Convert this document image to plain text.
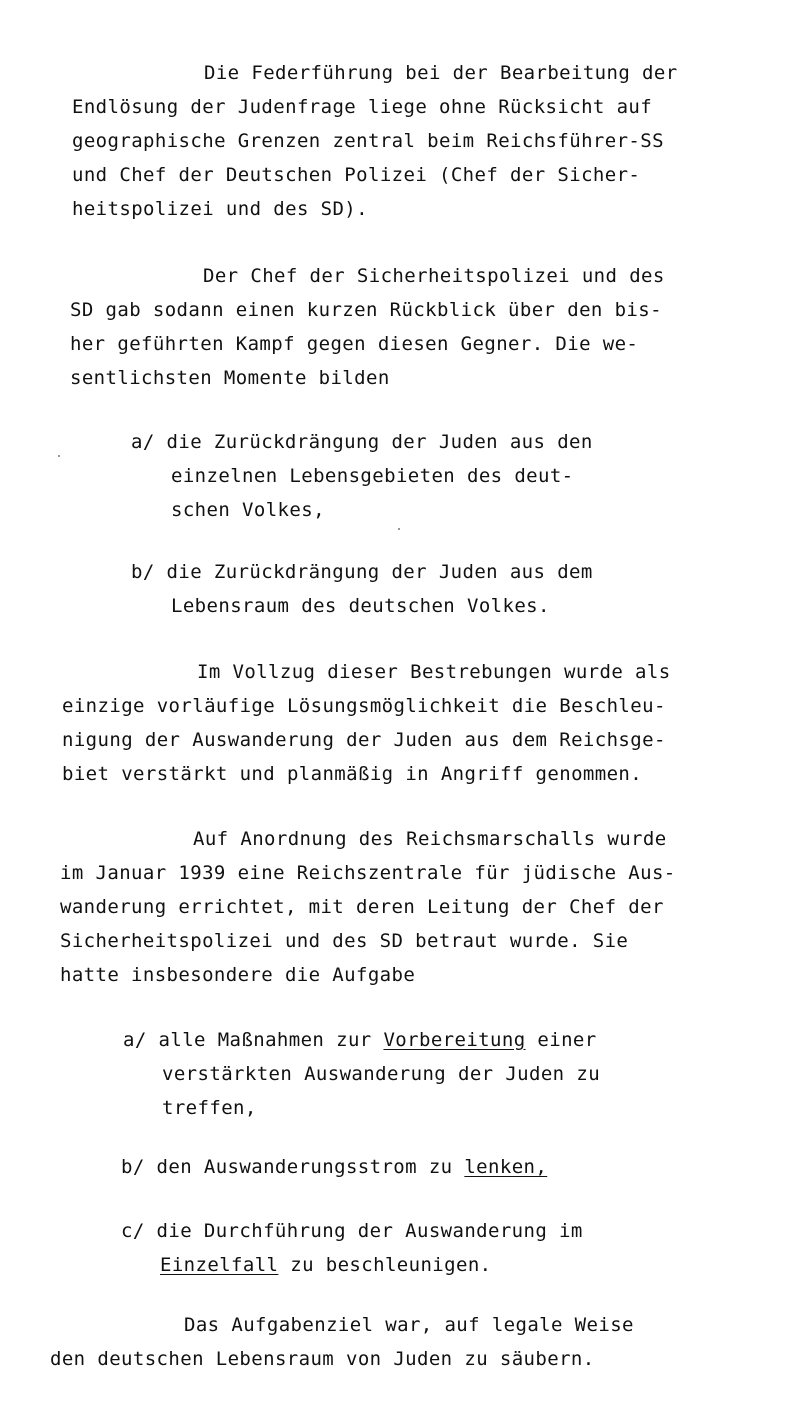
Die Federführung bei der Bearbeitung der
Endlösung der Judenfrage liege ohne Rücksicht auf
geographische Grenzen zentral beim Reichsführer-SS
und Chef der Deutschen Polizei (Chef der Sicher-
heitspolizei und des SD).
Der Chef der Sicherheitspolizei und des
SD gab sodann einen kurzen Rückblick über den bis-
her geführten Kampf gegen diesen Gegner. Die we-
sentlichsten Momente bilden
a/ die Zurückdrängung der Juden aus den
einzelnen Lebensgebieten des deut-
schen Volkes,
b/ die Zurückdrängung der Juden aus dem
Lebensraum des deutschen Volkes.
Im Vollzug dieser Bestrebungen wurde als
einzige vorläufige Lösungsmöglichkeit die Beschleu-
nigung der Auswanderung der Juden aus dem Reichsge-
biet verstärkt und planmäßig in Angriff genommen.
Auf Anordnung des Reichsmarschalls wurde
im Januar 1939 eine Reichszentrale für jüdische Aus-
wanderung errichtet, mit deren Leitung der Chef der
Sicherheitspolizei und des SD betraut wurde. Sie
hatte insbesondere die Aufgabe
a/ alle Maßnahmen zur Vorbereitung einer
verstärkten Auswanderung der Juden zu
treffen,
b/ den Auswanderungsstrom zu lenken,
c/ die Durchführung der Auswanderung im
Einzelfall zu beschleunigen.
Das Aufgabenziel war, auf legale Weise
den deutschen Lebensraum von Juden zu säubern.
